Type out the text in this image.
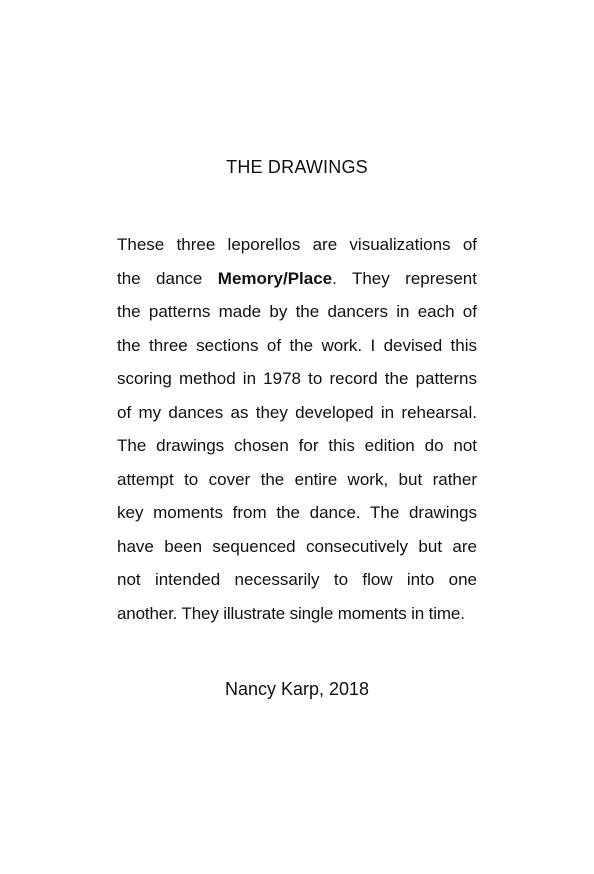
THE DRAWINGS
These three leporellos are visualizations of
the dance Memory/Place. They represent
the patterns made by the dancers in each of
the three sections of the work. I devised this
scoring method in 1978 to record the patterns
of my dances as they developed in rehearsal.
The drawings chosen for this edition do not
attempt to cover the entire work, but rather
key moments from the dance. The drawings
have been sequenced consecutively but are
not intended necessarily to flow into one
another. They illustrate single moments in time.
Nancy Karp, 2018
